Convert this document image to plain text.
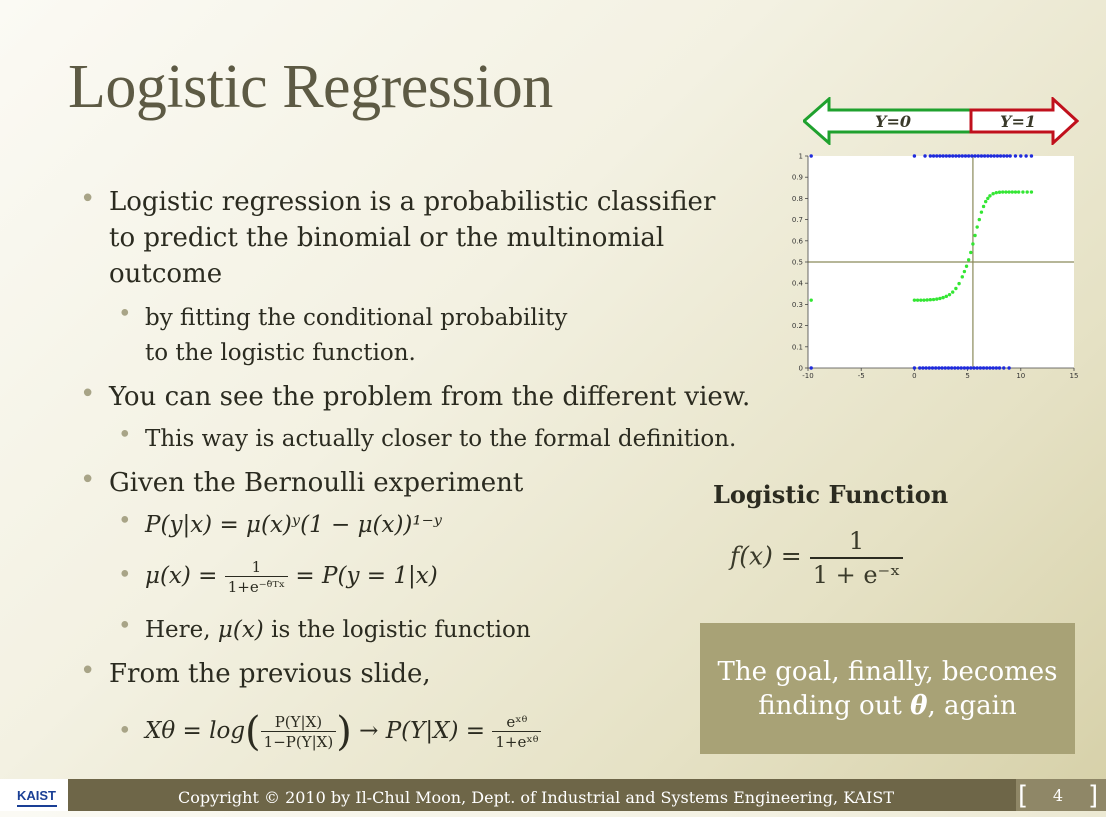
Logistic Regression
• Logistic regression is a probabilistic classifier
to predict the binomial or the multinomial
outcome
• by fitting the conditional probability
to the logistic function.
• You can see the problem from the different view.
• This way is actually closer to the formal definition.
• Given the Bernoulli experiment
• P(y|x) = μ(x)ʸ(1 − μ(x))¹⁻ʸ
• $\mu(x) = \frac{1}{\text{1+e⁻ᶿ̇ᵀˣ}} = P(y = 1|x)$
• Here, μ(x) is the logistic function
• From the previous slide,
• $X\theta = \log( \frac{P(Y|X)}{1-P(Y|X)}$ ) → $P(Y|X) = \frac{\text{eˣᶿ}}{\text{1+eˣᶿ}}$
Y=0	Y=1
0
0.1
0.2
0.3
0.4
0.5
0.6
0.7
0.8
0.9
1
-10	-5	0	5	10	15
Logistic Function
$f(x) = \frac{1}{\text{1 + e⁻ˣ}}$
The goal, finally, becomes
finding out θ, again
KAIST	Copyright © 2010 by Il-Chul Moon, Dept. of Industrial and Systems Engineering, KAIST	[	4 ]
